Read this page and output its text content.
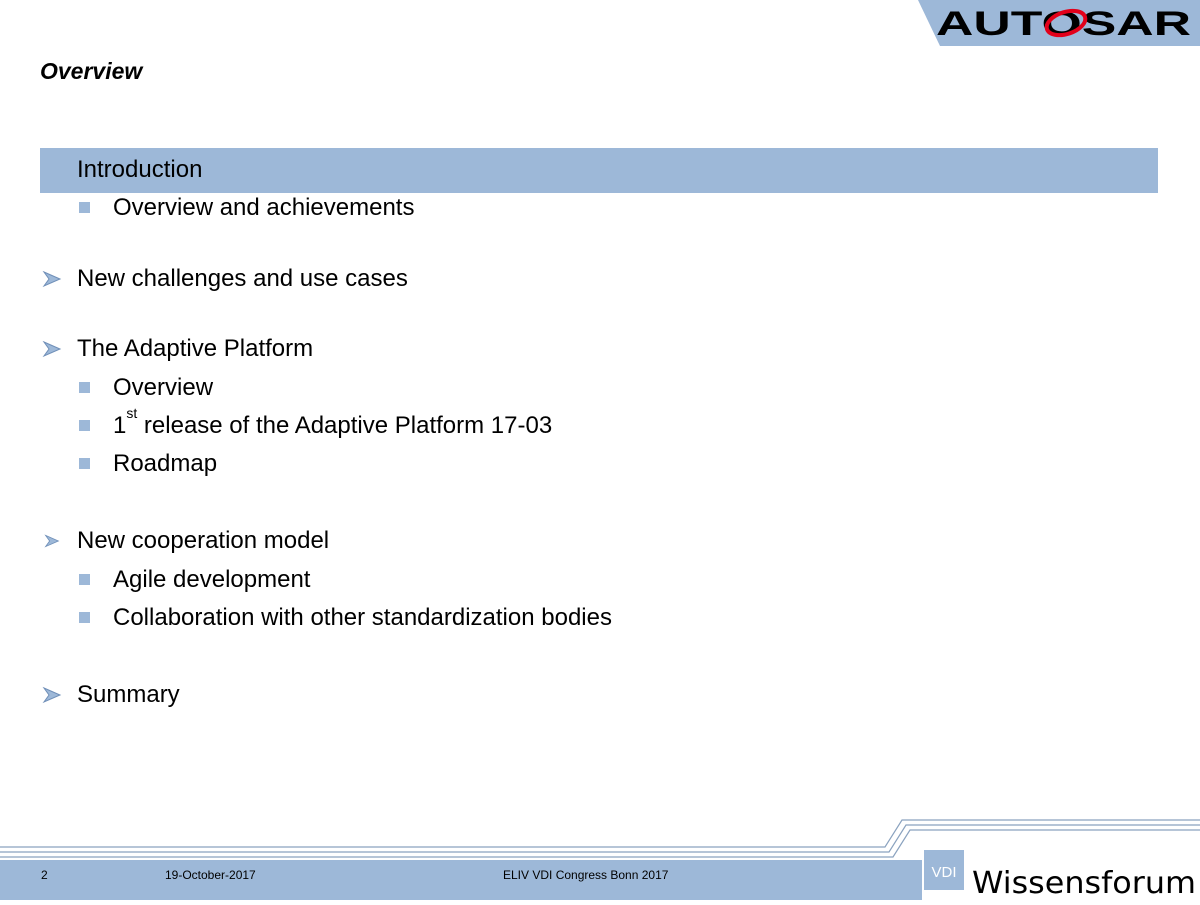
AUTOSAR
Overview
Introduction
Overview and achievements
New challenges and use cases
The Adaptive Platform
Overview
1st release of the Adaptive Platform 17-03
Roadmap
New cooperation model
Agile development
Collaboration with other standardization bodies
Summary
2	19-October-2017	ELIV VDI Congress Bonn 2017	VDI Wissensforum
